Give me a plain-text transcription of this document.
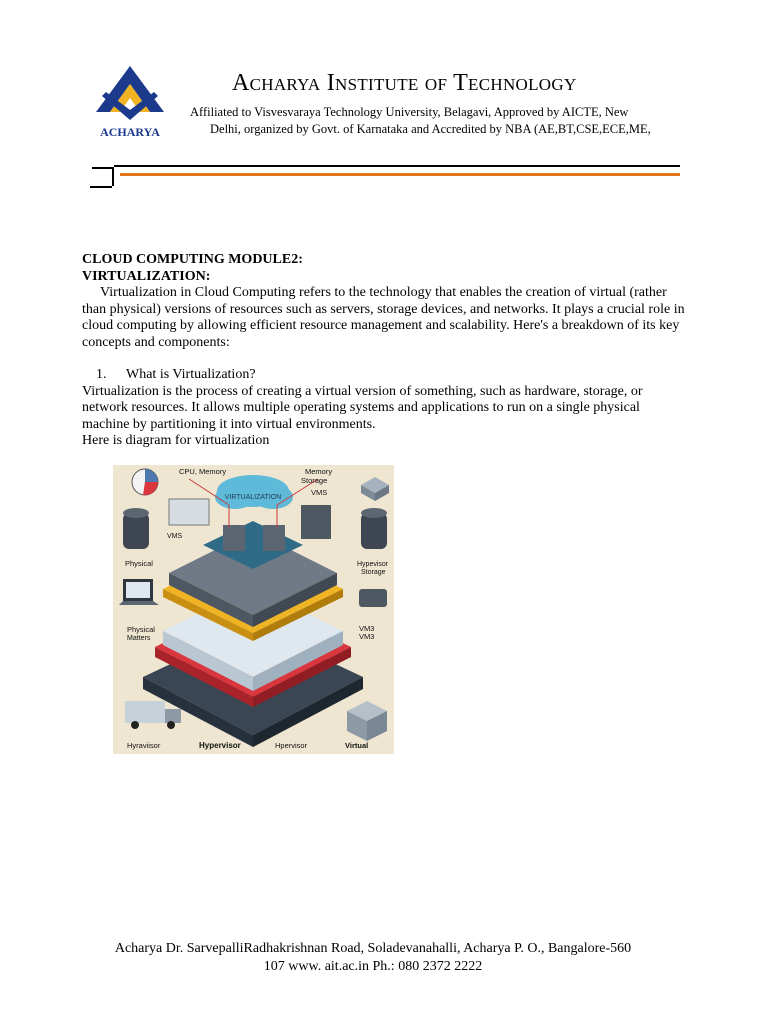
ACHARYA
Acharya Institute of Technology
Affiliated to Visvesvaraya Technology University, Belagavi, Approved by AICTE, New
Delhi, organized by Govt. of Karnataka and Accredited by NBA (AE,BT,CSE,ECE,ME,
CLOUD COMPUTING MODULE2:
VIRTUALIZATION:

Virtualization in Cloud Computing refers to the technology that enables the creation of virtual (rather than physical) versions of resources such as servers, storage devices, and networks. It plays a crucial role in cloud computing by allowing efficient resource management and scalability. Here's a breakdown of its key concepts and components:

1. What is Virtualization?

Virtualization is the process of creating a virtual version of something, such as hardware, storage, or network resources. It allows multiple operating systems and applications to run on a single physical machine by partitioning it into virtual environments.

Here is diagram for virtualization

VIRTUALIZATION
CPU, Memory	Memory
Storage
VMS
VMS
Physical	Hypevisor
Storage
Physical
Matters
VM3
VM3
Hyraviisor	Hypervisor	Hpervisor	Virtual
Acharya Dr. SarvepalliRadhakrishnan Road, Soladevanahalli, Acharya P. O., Bangalore-560
107 www. ait.ac.in Ph.: 080 2372 2222
